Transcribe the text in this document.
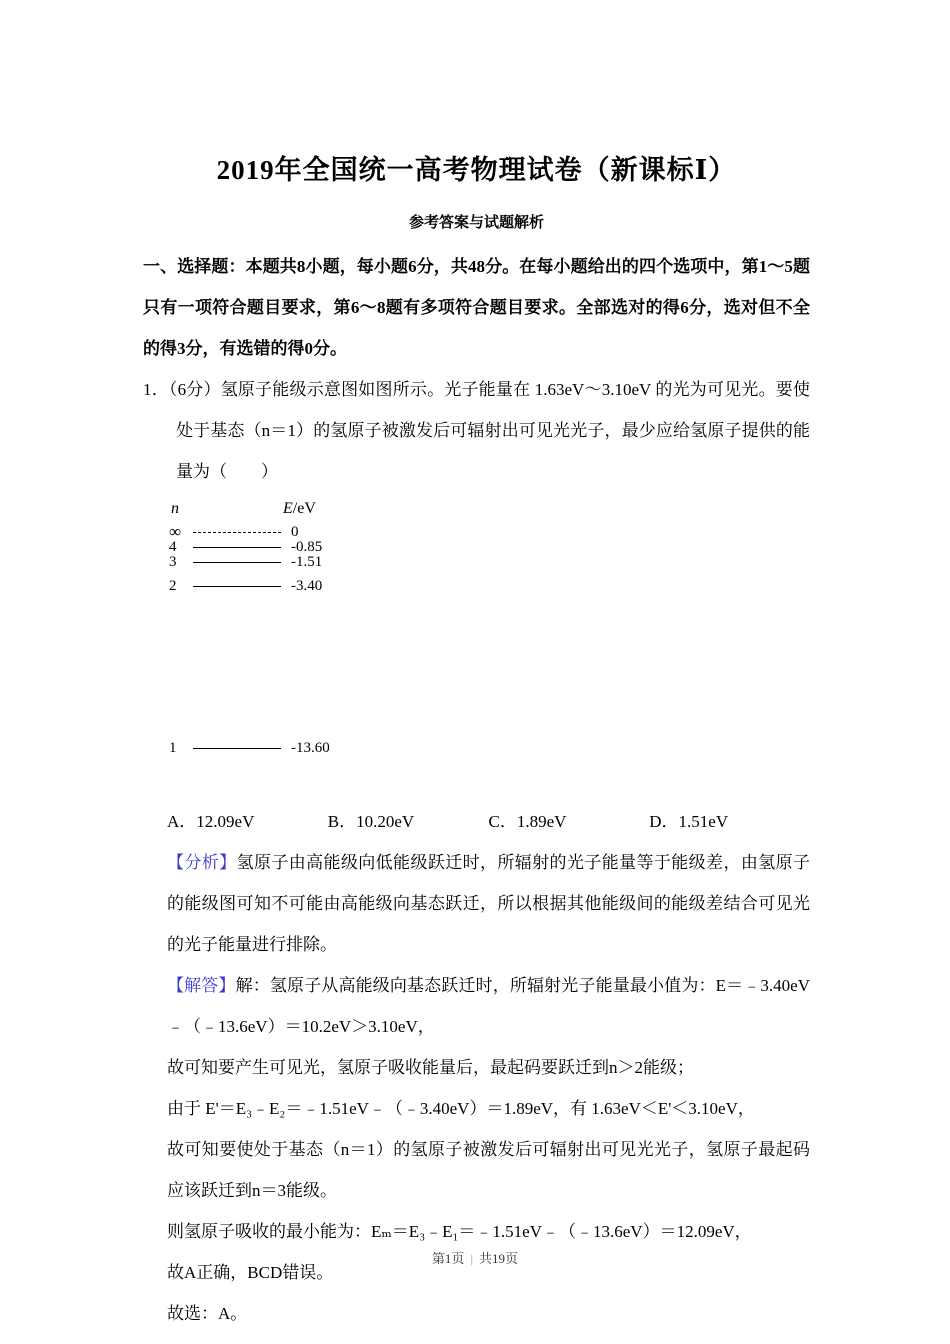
2019年全国统一高考物理试卷（新课标Ⅰ）
参考答案与试题解析
一、选择题：本题共8小题，每小题6分，共48分。在每小题给出的四个选项中，第1～5题只有一项符合题目要求，第6～8题有多项符合题目要求。全部选对的得6分，选对但不全的得3分，有选错的得0分。
1．（6分）氢原子能级示意图如图所示。光子能量在 1.63eV～3.10eV 的光为可见光。要使处于基态（n＝1）的氢原子被激发后可辐射出可见光光子，最少应给氢原子提供的能量为（　　）
n	E/eV
∞	0
4	-0.85
3	-1.51
2	-3.40
1	-13.60
A．12.09eV	B．10.20eV	C．1.89eV	D．1.51eV
【分析】氢原子由高能级向低能级跃迁时，所辐射的光子能量等于能级差，由氢原子的能级图可知不可能由高能级向基态跃迁，所以根据其他能级间的能级差结合可见光的光子能量进行排除。
【解答】解：氢原子从高能级向基态跃迁时，所辐射光子能量最小值为：E＝﹣3.40eV﹣（﹣13.6eV）＝10.2eV＞3.10eV，
故可知要产生可见光，氢原子吸收能量后，最起码要跃迁到n＞2能级；
由于 E'＝E₃﹣E₂＝﹣1.51eV﹣（﹣3.40eV）＝1.89eV，有 1.63eV＜E'＜3.10eV，
故可知要使处于基态（n＝1）的氢原子被激发后可辐射出可见光光子，氢原子最起码应该跃迁到n＝3能级。
则氢原子吸收的最小能为：Eₘ＝E₃﹣E₁＝﹣1.51eV﹣（﹣13.6eV）＝12.09eV，
故A正确，BCD错误。
故选：A。
第1页 | 共19页
